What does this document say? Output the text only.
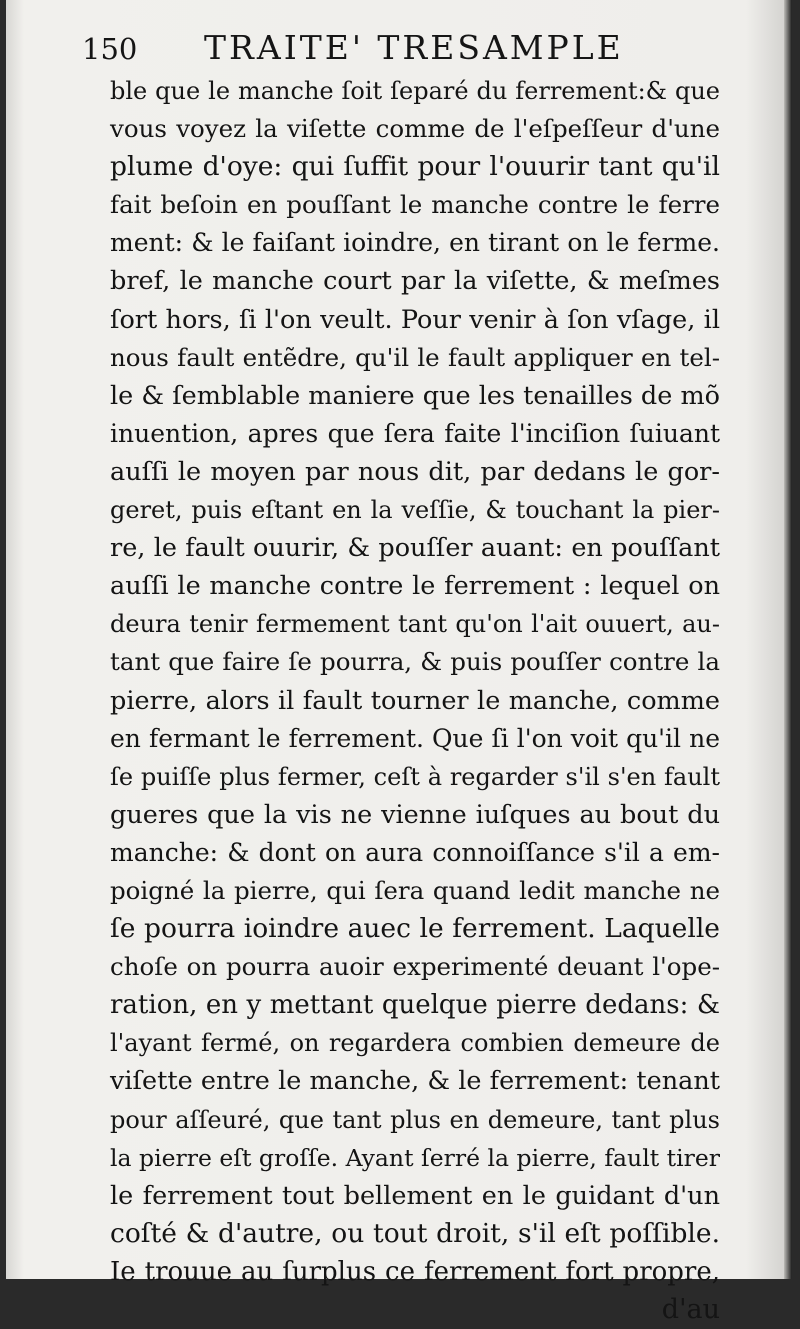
150 TRAITE' TRESAMPLE
ble que le manche ſoit ſeparé du ferrement:& que
vous voyez la viſette comme de l'eſpeſſeur d'une
plume d'oye: qui ſuffit pour l'ouurir tant qu'il
fait beſoin en pouſſant le manche contre le ferre
ment: & le faiſant ioindre, en tirant on le ferme.
bref, le manche court par la viſette, & meſmes
ſort hors, ſi l'on veult. Pour venir à ſon vſage, il
nous fault entẽdre, qu'il le fault appliquer en tel-
le & ſemblable maniere que les tenailles de mõ
inuention, apres que ſera faite l'inciſion ſuiuant
auſſi le moyen par nous dit, par dedans le gor-
geret, puis eſtant en la veſſie, & touchant la pier-
re, le fault ouurir, & pouſſer auant: en pouſſant
auſſi le manche contre le ferrement : lequel on
deura tenir fermement tant qu'on l'ait ouuert, au-
tant que faire ſe pourra, & puis pouſſer contre la
pierre, alors il fault tourner le manche, comme
en fermant le ferrement. Que ſi l'on voit qu'il ne
ſe puiſſe plus fermer, ceſt à regarder s'il s'en fault
gueres que la vis ne vienne iuſques au bout du
manche: & dont on aura connoiſſance s'il a em-
poigné la pierre, qui ſera quand ledit manche ne
ſe pourra ioindre auec le ferrement. Laquelle
choſe on pourra auoir experimenté deuant l'ope-
ration, en y mettant quelque pierre dedans: &
l'ayant fermé, on regardera combien demeure de
viſette entre le manche, & le ferrement: tenant
pour aſſeuré, que tant plus en demeure, tant plus
la pierre eſt groſſe. Ayant ſerré la pierre, fault tirer
le ferrement tout bellement en le guidant d'un
coſté & d'autre, ou tout droit, s'il eſt poſſible.
Ie trouue au ſurplus ce ferrement fort propre,
d'au
